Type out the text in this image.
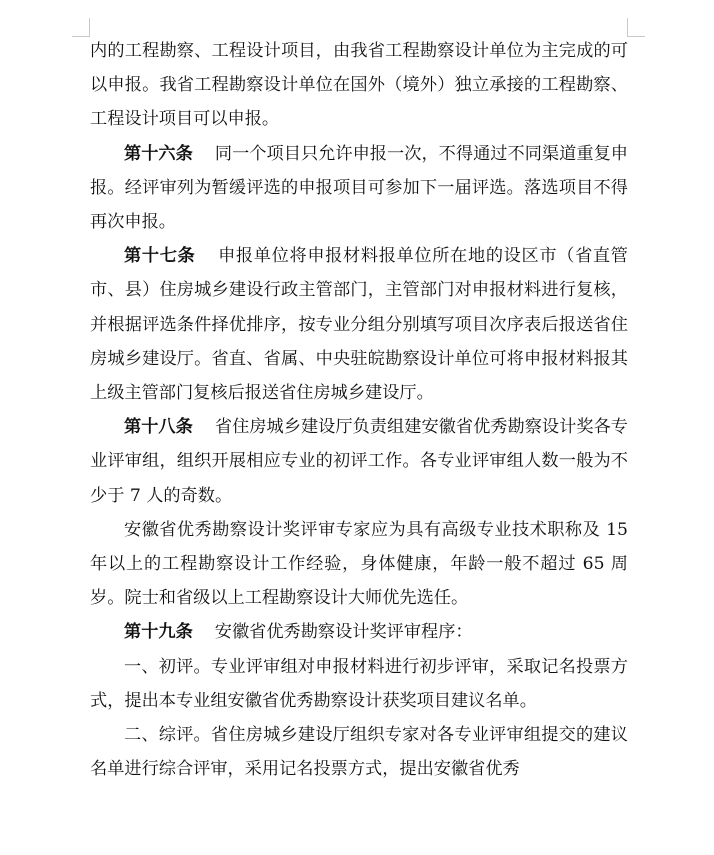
内的工程勘察、工程设计项目，由我省工程勘察设计单位为主完成的可以申报。我省工程勘察设计单位在国外（境外）独立承接的工程勘察、工程设计项目可以申报。

第十六条 同一个项目只允许申报一次，不得通过不同渠道重复申报。经评审列为暂缓评选的申报项目可参加下一届评选。落选项目不得再次申报。

第十七条 申报单位将申报材料报单位所在地的设区市（省直管市、县）住房城乡建设行政主管部门，主管部门对申报材料进行复核，并根据评选条件择优排序，按专业分组分别填写项目次序表后报送省住房城乡建设厅。省直、省属、中央驻皖勘察设计单位可将申报材料报其上级主管部门复核后报送省住房城乡建设厅。

第十八条 省住房城乡建设厅负责组建安徽省优秀勘察设计奖各专业评审组，组织开展相应专业的初评工作。各专业评审组人数一般为不少于 7 人的奇数。

安徽省优秀勘察设计奖评审专家应为具有高级专业技术职称及 15 年以上的工程勘察设计工作经验，身体健康，年龄一般不超过 65 周岁。院士和省级以上工程勘察设计大师优先选任。

第十九条 安徽省优秀勘察设计奖评审程序：

一、初评。专业评审组对申报材料进行初步评审，采取记名投票方式，提出本专业组安徽省优秀勘察设计获奖项目建议名单。

二、综评。省住房城乡建设厅组织专家对各专业评审组提交的建议名单进行综合评审，采用记名投票方式，提出安徽省优秀
